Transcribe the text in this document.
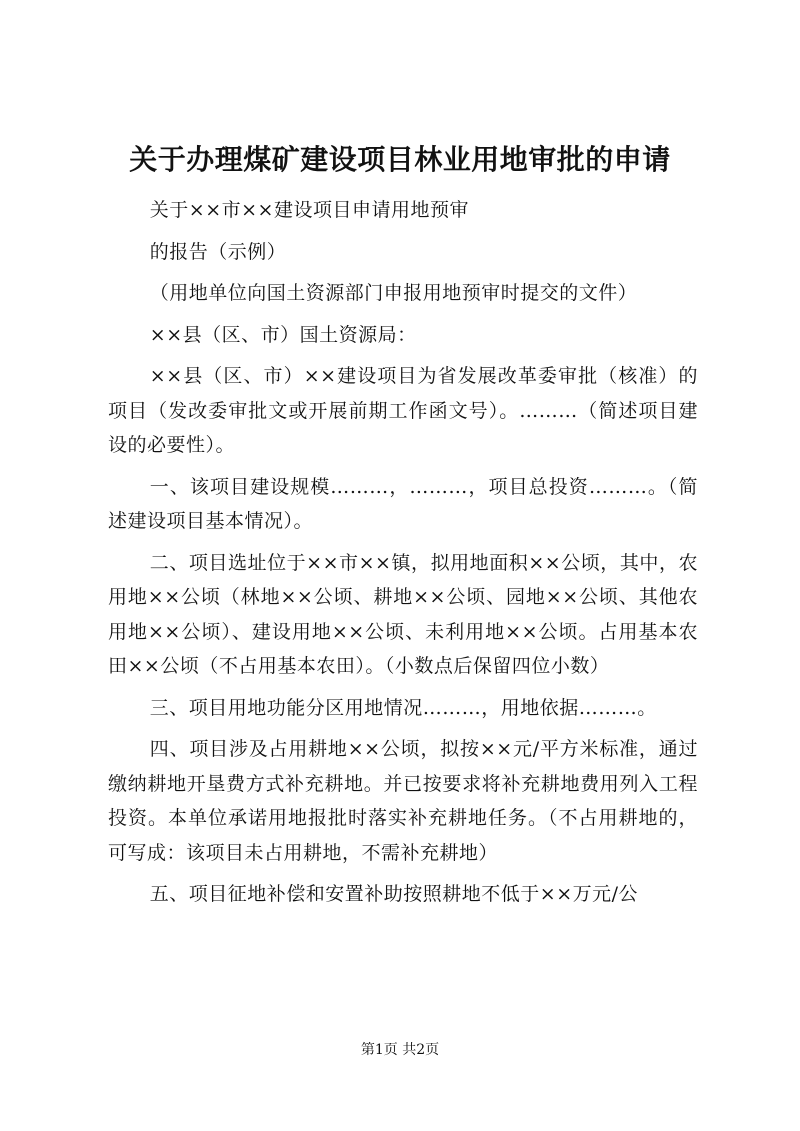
关于办理煤矿建设项目林业用地审批的申请

关于××市××建设项目申请用地预审

的报告（示例）

（用地单位向国土资源部门申报用地预审时提交的文件）

××县（区、市）国土资源局：

××县（区、市）××建设项目为省发展改革委审批（核准）的项目（发改委审批文或开展前期工作函文号）。………（简述项目建设的必要性）。

一、该项目建设规模………，………，项目总投资………。（简述建设项目基本情况）。

二、项目选址位于××市××镇，拟用地面积××公顷，其中，农用地××公顷（林地××公顷、耕地××公顷、园地××公顷、其他农用地××公顷）、建设用地××公顷、未利用地××公顷。占用基本农田××公顷（不占用基本农田）。（小数点后保留四位小数）

三、项目用地功能分区用地情况………，用地依据………。

四、项目涉及占用耕地××公顷，拟按××元/平方米标准，通过缴纳耕地开垦费方式补充耕地。并已按要求将补充耕地费用列入工程投资。本单位承诺用地报批时落实补充耕地任务。（不占用耕地的，可写成：该项目未占用耕地，不需补充耕地）

五、项目征地补偿和安置补助按照耕地不低于××万元/公

第1页 共2页
